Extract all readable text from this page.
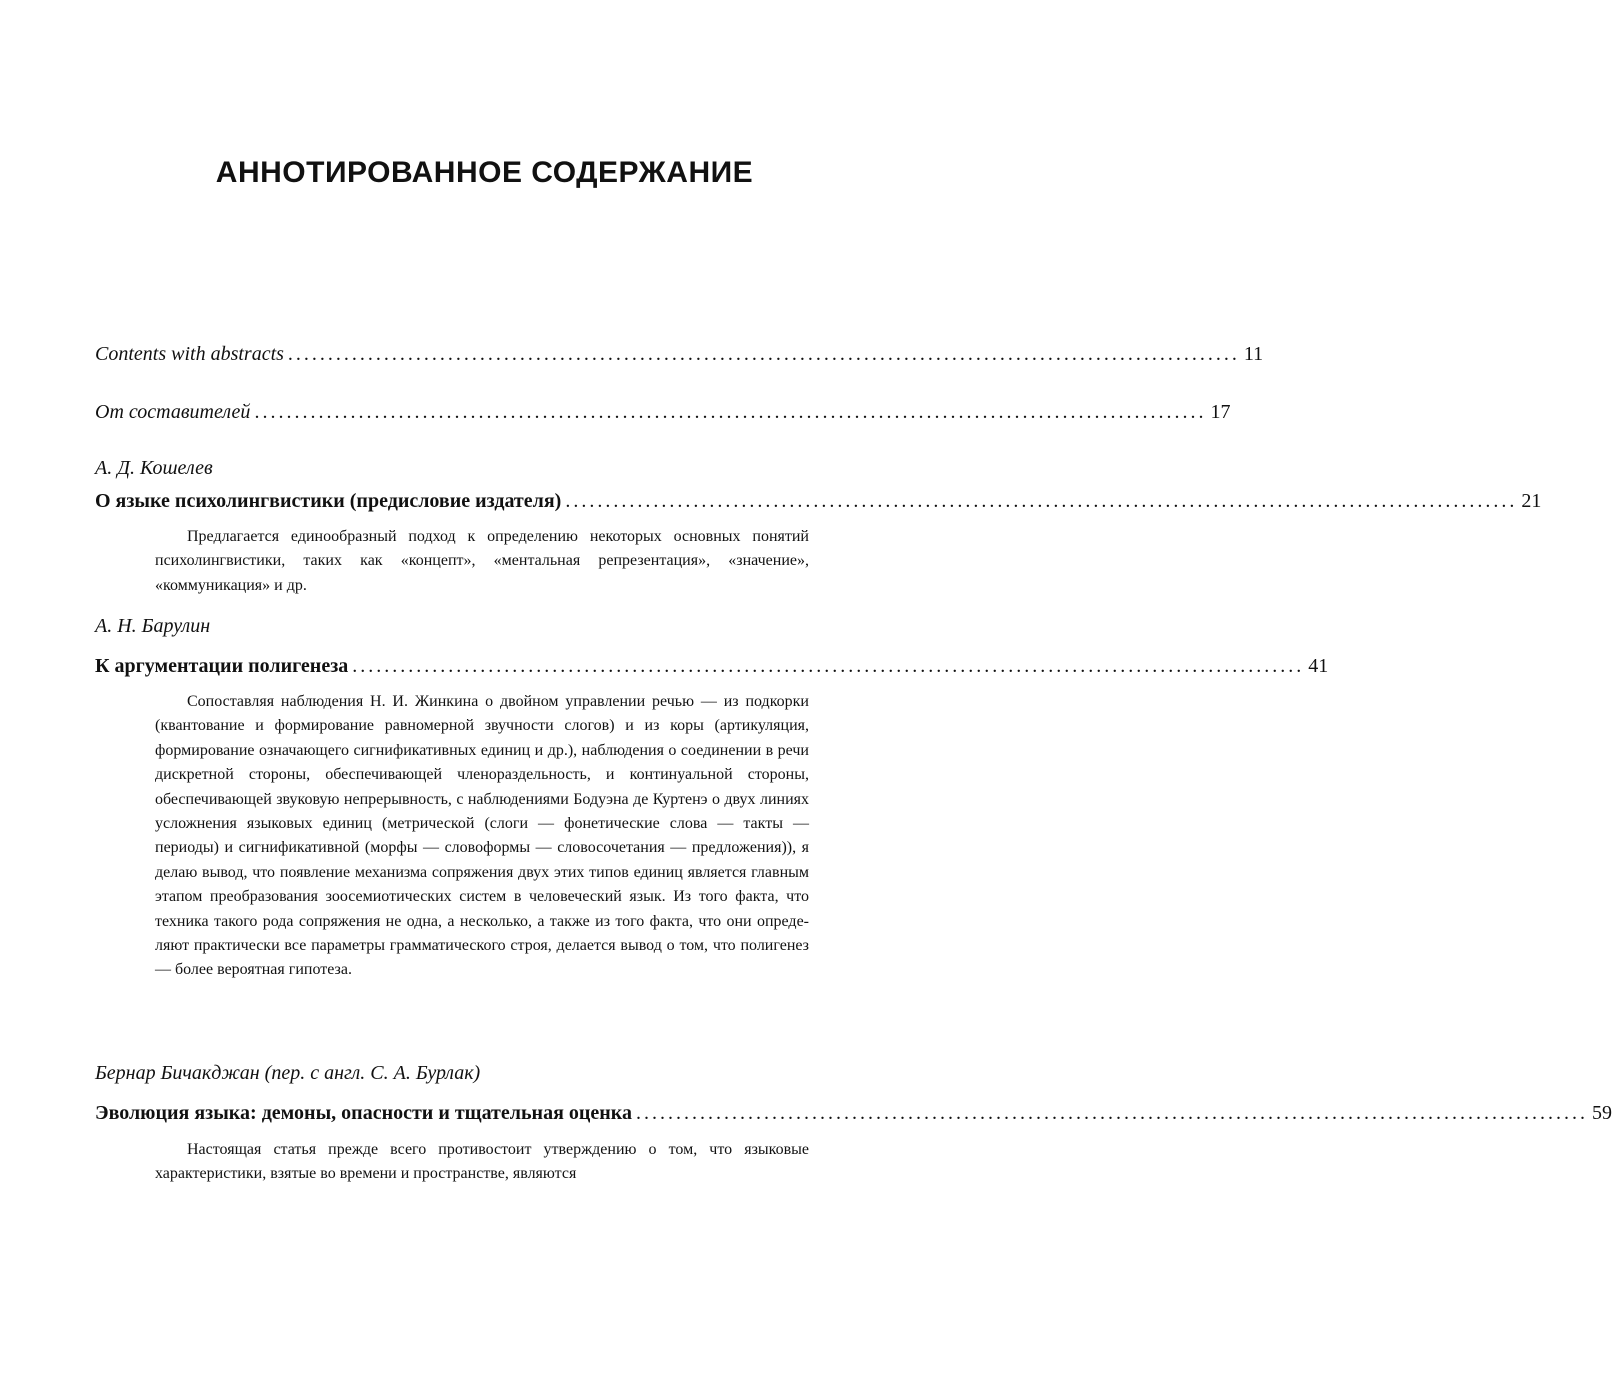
АННОТИРОВАННОЕ СОДЕРЖАНИЕ
Contents with abstracts ....................................................................................................................... 11
От составителей ....................................................................................................................... 17
А. Д. Кошелев
О языке психолингвистики (предисловие издателя) ....................................................................................................................... 21

Предлагается единообразный подход к определению некоторых основных понятий психолингвистики, таких как «концепт», «ментальная репрезентация», «значение», «коммуникация» и др.

А. Н. Барулин
К аргументации полигенеза ....................................................................................................................... 41

Сопоставляя наблюдения Н. И. Жинкина о двойном управлении речью — из подкорки (квантование и формирование равномерной звучности слогов) и из коры (артикуляция, формирование означающего сигнификативных единиц и др.), наблюдения о соединении в речи дискретной стороны, обеспечивающей членораздельность, и континуальной стороны, обеспечивающей звуковую непрерывность, с наблюдениями Бодуэна де Куртенэ о двух линиях усложнения языковых единиц (метрической (слоги — фонетические слова — такты — периоды) и сигнификативной (морфы — словоформы — словосочетания — предложения)), я делаю вывод, что появление механизма сопряжения двух этих типов единиц является главным этапом преобразования зоосемиотических систем в человеческий язык. Из того факта, что техника такого рода сопряжения не одна, а несколько, а также из того факта, что они определяют практически все параметры грамматического строя, делается вывод о том, что полигенез — более вероятная гипотеза.

Бернар Бичакджан (пер. с англ. С. А. Бурлак)
Эволюция языка: демоны, опасности и тщательная оценка ....................................................................................................................... 59

Настоящая статья прежде всего противостоит утверждению о том, что языковые характеристики, взятые во времени и пространстве, являются
